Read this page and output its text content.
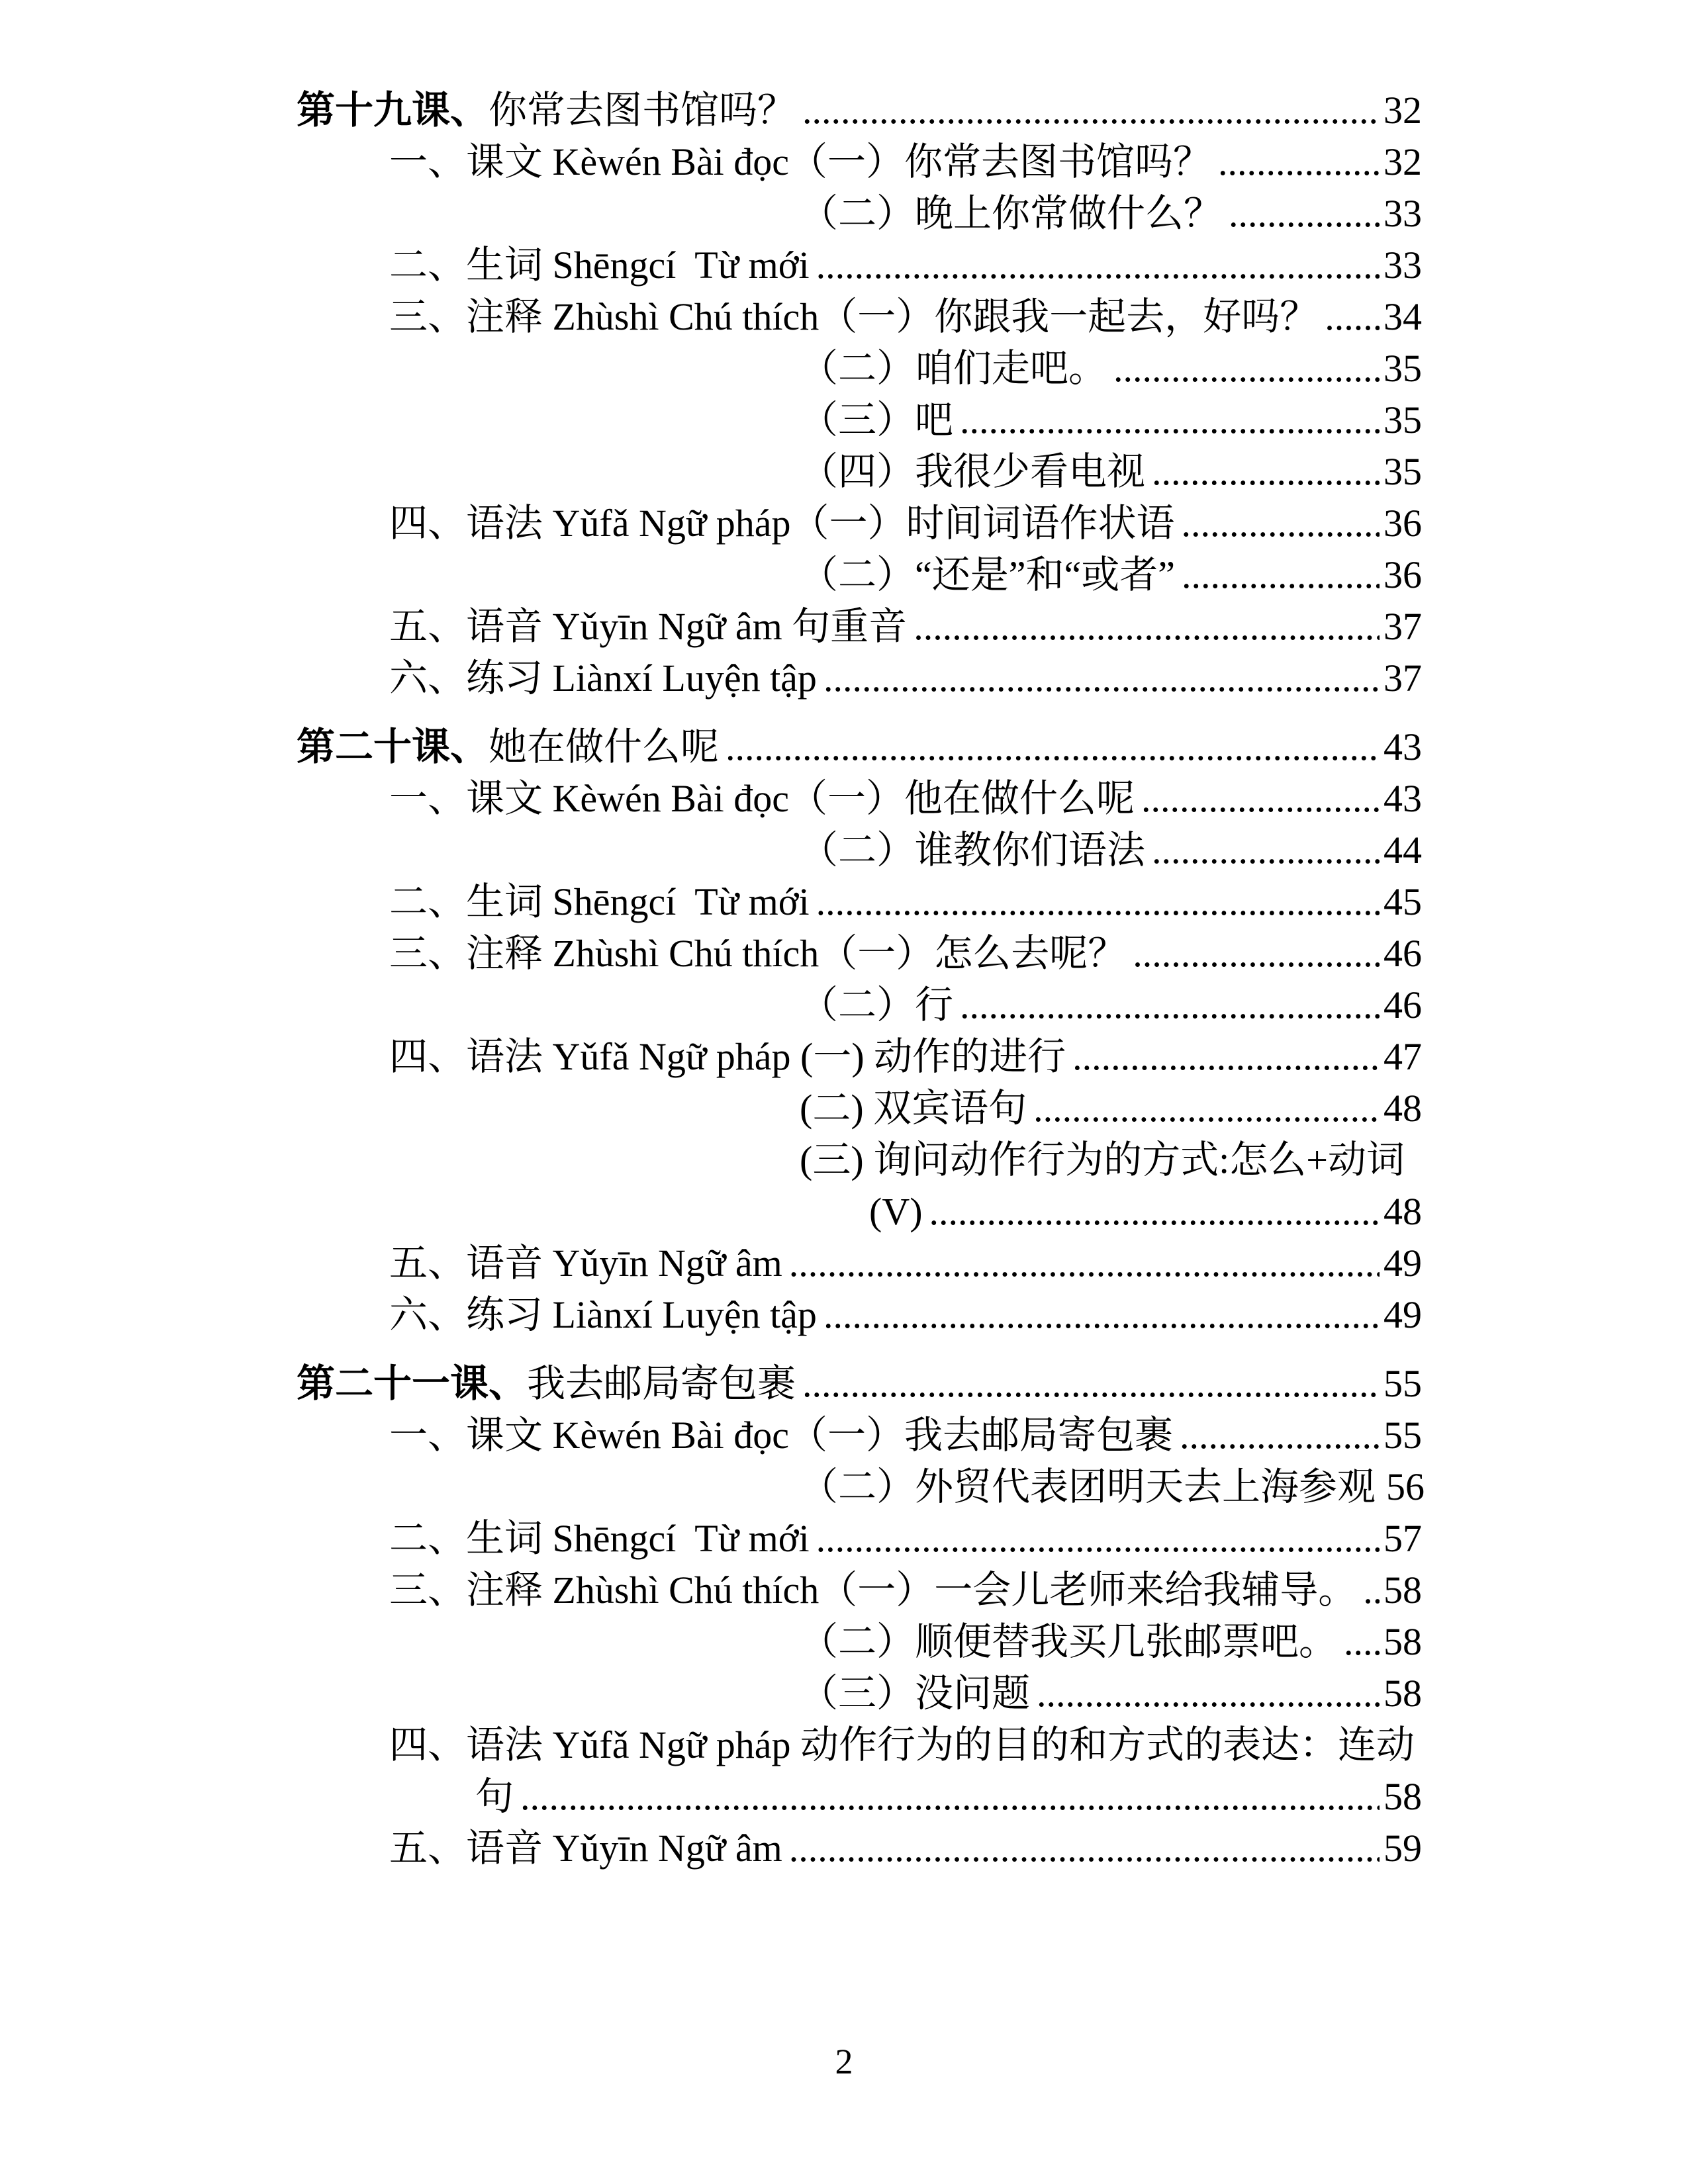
第十九课、 你常去图书馆吗？ .....	32
一、课文 Kèwén Bài đọc（一）你常去图书馆吗？ .....	32
（二）晚上你常做什么？ .....	33
二、生词 Shēngcí  Từ mới .....	33
三、注释 Zhùshì Chú thích（一）你跟我一起去，好吗？ ..... 34
（二）咱们走吧。 .....	35
（三）吧 .....	35
（四）我很少看电视 .....	35
四、语法 Yǔfǎ Ngữ pháp（一）时间词语作状语 .....	36
（二）“还是”和“或者” .....	36
五、语音 Yǔyīn Ngữ âm 句重音 .....	37
六、练习 Liànxí Luyện tập .....	37
第二十课、 她在做什么呢 .....	43
一、课文 Kèwén Bài đọc（一）他在做什么呢 .....	43
（二）谁教你们语法 .....	44
二、生词 Shēngcí  Từ mới .....	45
三、注释 Zhùshì Chú thích（一）怎么去呢？ .....	46
（二）行 .....	46
四、语法 Yǔfǎ Ngữ pháp (一) 动作的进行 .....	47
(二) 双宾语句 .....	48
(三) 询问动作行为的方式:怎么+动词
(V) .....	48
五、语音 Yǔyīn Ngữ âm .....	49
六、练习 Liànxí Luyện tập .....	49
第二十一课、 我去邮局寄包裹 .....	55
一、课文 Kèwén Bài đọc（一）我去邮局寄包裹 .....	55
（二）外贸代表团明天去上海参观 56
二、生词 Shēngcí  Từ mới .....	57
三、注释 Zhùshì Chú thích（一）一会儿老师来给我辅导。 ..... 58
（二）顺便替我买几张邮票吧。 ..... 58
（三）没问题 .....	58
四、语法 Yǔfǎ Ngữ pháp 动作行为的目的和方式的表达：连动
句 .....	58
五、语音 Yǔyīn Ngữ âm .....	59
2
